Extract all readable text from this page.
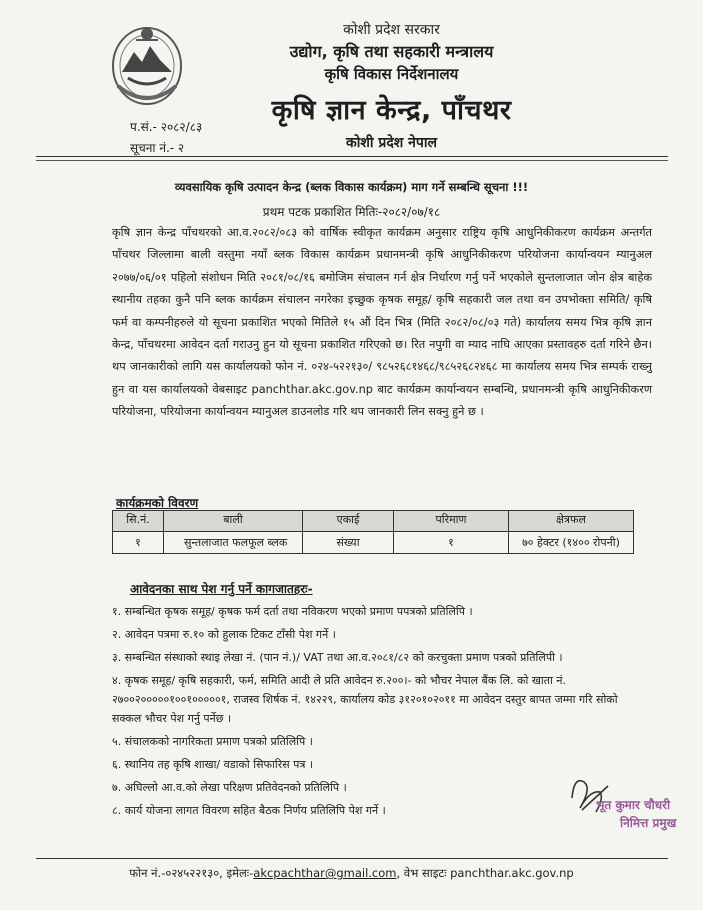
कोशी प्रदेश सरकार
उद्योग, कृषि तथा सहकारी मन्त्रालय
कृषि विकास निर्देशनालय
कृषि ज्ञान केन्द्र, पाँचथर
कोशी प्रदेश नेपाल
प.सं.- २०८२/८३
सूचना नं.- २
व्यवसायिक कृषि उत्पादन केन्द्र (ब्लक विकास कार्यक्रम) माग गर्ने सम्बन्धि सूचना !!!
प्रथम पटक प्रकाशित मितिः-२०८२/०७/१८
कृषि ज्ञान केन्द्र पाँचथरको आ.व.२०८२/०८३ को वार्षिक स्वीकृत कार्यक्रम अनुसार राष्ट्रिय कृषि आधुनिकीकरण कार्यक्रम अन्तर्गत पाँचथर जिल्लामा बाली वस्तुमा नयाँ ब्लक विकास कार्यक्रम प्रधानमन्त्री कृषि आधुनिकीकरण परियोजना कार्यान्वयन म्यानुअल २०७७/०६/०१ पहिलो संशोधन मिति २०८१/०८/१६ बमोजिम संचालन गर्न क्षेत्र निर्धारण गर्नु पर्ने भएकोले सुन्तलाजात जोन क्षेत्र बाहेक स्थानीय तहका कुनै पनि ब्लक कार्यक्रम संचालन नगरेका इच्छुक कृषक समूह/ कृषि सहकारी जल तथा वन उपभोक्ता समिति/ कृषि फर्म वा कम्पनीहरुले यो सूचना प्रकाशित भएको मितिले १५ औं दिन भित्र (मिति २०८२/०८/०३ गते) कार्यालय समय भित्र कृषि ज्ञान केन्द्र, पाँचथरमा आवेदन दर्ता गराउनु हुन यो सूचना प्रकाशित गरिएको छ। रित नपुगी वा म्याद नाघि आएका प्रस्तावहरु दर्ता गरिने छैन। थप जानकारीको लागि यस कार्यालयको फोन नं. ०२४-५२२१३०/ ९८५२६८१४६८/९८५२६८२४६८ मा कार्यालय समय भित्र सम्पर्क राख्नु हुन वा यस कार्यालयको वेबसाइट panchthar.akc.gov.np बाट कार्यक्रम कार्यान्वयन सम्बन्धि, प्रधानमन्त्री कृषि आधुनिकीकरण परियोजना, परियोजना कार्यान्वयन म्यानुअल डाउनलोड गरि थप जानकारी लिन सक्नु हुने छ ।
कार्यक्रमको विवरण
सि.नं.	बाली	एकाई	परिमाण	क्षेत्रफल
१	सुन्तलाजात फलफूल ब्लक	संख्या	१	७० हेक्टर (१४०० रोपनी)
आवेदनका साथ पेश गर्नु पर्ने कागजातहरः-
१. सम्बन्धित कृषक समूह/ कृषक फर्म दर्ता तथा नविकरण भएको प्रमाण पपत्रको प्रतिलिपि ।
२. आवेदन पत्रमा रु.१० को हुलाक टिकट टाँसी पेश गर्ने ।
३. सम्बन्धित संस्थाको स्थाइ लेखा नं. (पान नं.)/ VAT तथा आ.व.२०८१/८२ को करचुक्ता प्रमाण पत्रको प्रतिलिपी ।
४. कृषक समूह/ कृषि सहकारी, फर्म, समिति आदी ले प्रति आवेदन रु.२००।- को भौचर नेपाल बैंक लि. को खाता नं. २७००२०००००१००१०००००१, राजस्व शिर्षक नं. १४२२९, कार्यालय कोड ३१२०१०२०११ मा आवेदन दस्तुर बापत जम्मा गरि सोको सक्कल भौचर पेश गर्नु पर्नेछ ।
५. संचालकको नागरिकता प्रमाण पत्रको प्रतिलिपि ।
६. स्थानिय तह कृषि शाखा/ वडाको सिफारिस पत्र ।
७. अघिल्लो आ.व.को लेखा परिक्षण प्रतिवेदनको प्रतिलिपि ।
८. कार्य योजना लागत विवरण सहित बैठक निर्णय प्रतिलिपि पेश गर्ने ।	भूत कुमार चौधरी
निमित्त प्रमुख
फोन नं.-०२४५२२१३०, इमेलः-akcpachthar@gmail.com, वेभ साइटः panchthar.akc.gov.np
